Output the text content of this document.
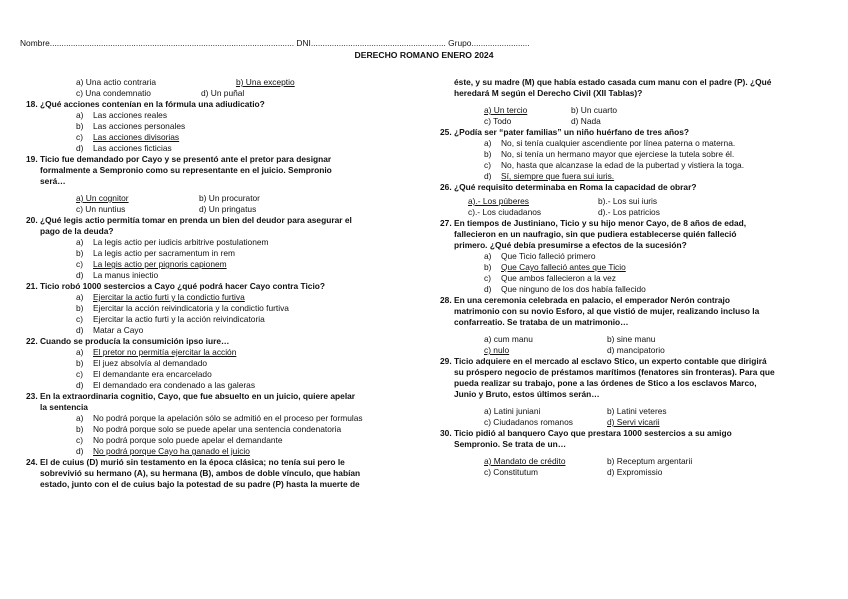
Nombre......................................................................................................... DNI.......................................................... Grupo.........................
DERECHO ROMANO ENERO 2024
a) Una actio contraria	b) Una exceptio
c) Una condemnatio	d) Un puñal

18. ¿Qué acciones contenían en la fórmula una adiudicatio?

a)	Las acciones reales
b)	Las acciones personales
c)	Las acciones divisorias
d)	Las acciones ficticias

19. Ticio fue demandado por Cayo y se presentó ante el pretor para designar

formalmente a Sempronio como su representante en el juicio. Sempronio

será…

a) Un cognitor	b) Un procurator
c) Un nuntius	d) Un pringatus

20. ¿Qué legis actio permitía tomar en prenda un bien del deudor para asegurar el

pago de la deuda?

a)	La legis actio per iudicis arbitrive postulationem
b)	La legis actio per sacramentum in rem
c)	La legis actio per pignoris capionem
d)	La manus iniectio

21. Ticio robó 1000 sestercios a Cayo ¿qué podrá hacer Cayo contra Ticio?

a)	Ejercitar la actio furti y la condictio furtiva
b)	Ejercitar la acción reivindicatoria y la condictio furtiva
c)	Ejercitar la actio furti y la acción reivindicatoria
d)	Matar a Cayo

22. Cuando se producía la consumición ipso iure…

a)	El pretor no permitía ejercitar la acción
b)	El juez absolvía al demandado
c)	El demandante era encarcelado
d)	El demandado era condenado a las galeras

23. En la extraordinaria cognitio, Cayo, que fue absuelto en un juicio, quiere apelar

la sentencia

a)	No podrá porque la apelación sólo se admitió en el proceso per formulas
b)	No podrá porque solo se puede apelar una sentencia condenatoria
c)	No podrá porque solo puede apelar el demandante
d)	No podrá porque Cayo ha ganado el juicio

24. El de cuius (D) murió sin testamento en la época clásica; no tenía sui pero le

sobrevivió su hermano (A), su hermana (B), ambos de doble vínculo, que habían

estado, junto con el de cuius bajo la potestad de su padre (P) hasta la muerte de

éste, y su madre (M) que había estado casada cum manu con el padre (P). ¿Qué

heredará M según el Derecho Civil (XII Tablas)?

a) Un tercio	b) Un cuarto
c) Todo	d) Nada

25. ¿Podía ser “pater familias” un niño huérfano de tres años?

a)	No, si tenía cualquier ascendiente por línea paterna o materna.
b)	No, si tenía un hermano mayor que ejerciese la tutela sobre él.
c)	No, hasta que alcanzase la edad de la pubertad y vistiera la toga.
d)	Sí, siempre que fuera sui iuris.

26. ¿Qué requisito determinaba en Roma la capacidad de obrar?

a).- Los púberes	b).- Los sui iuris
c).- Los ciudadanos	d).- Los patricios

27. En tiempos de Justiniano, Ticio y su hijo menor Cayo, de 8 años de edad,

fallecieron en un naufragio, sin que pudiera establecerse quién falleció

primero. ¿Qué debía presumirse a efectos de la sucesión?

a)	Que Ticio falleció primero
b)	Que Cayo falleció antes que Ticio
c)	Que ambos fallecieron a la vez
d)	Que ninguno de los dos había fallecido

28. En una ceremonia celebrada en palacio, el emperador Nerón contrajo

matrimonio con su novio Esforo, al que vistió de mujer, realizando incluso la

confarreatio. Se trataba de un matrimonio…

a) cum manu	b) sine manu
c) nulo	d) mancipatorio

29. Ticio adquiere en el mercado al esclavo Stico, un experto contable que dirigirá

su próspero negocio de préstamos marítimos (fenatores sin fronteras). Para que

pueda realizar su trabajo, pone a las órdenes de Stico a los esclavos Marco,

Junio y Bruto, estos últimos serán…

a) Latini juniani	b) Latini veteres
c) Ciudadanos romanos	d) Servi vicarii

30. Ticio pidió al banquero Cayo que prestara 1000 sestercios a su amigo

Sempronio. Se trata de un…

a) Mandato de crédito	b) Receptum argentarii
c) Constitutum	d) Expromissio
